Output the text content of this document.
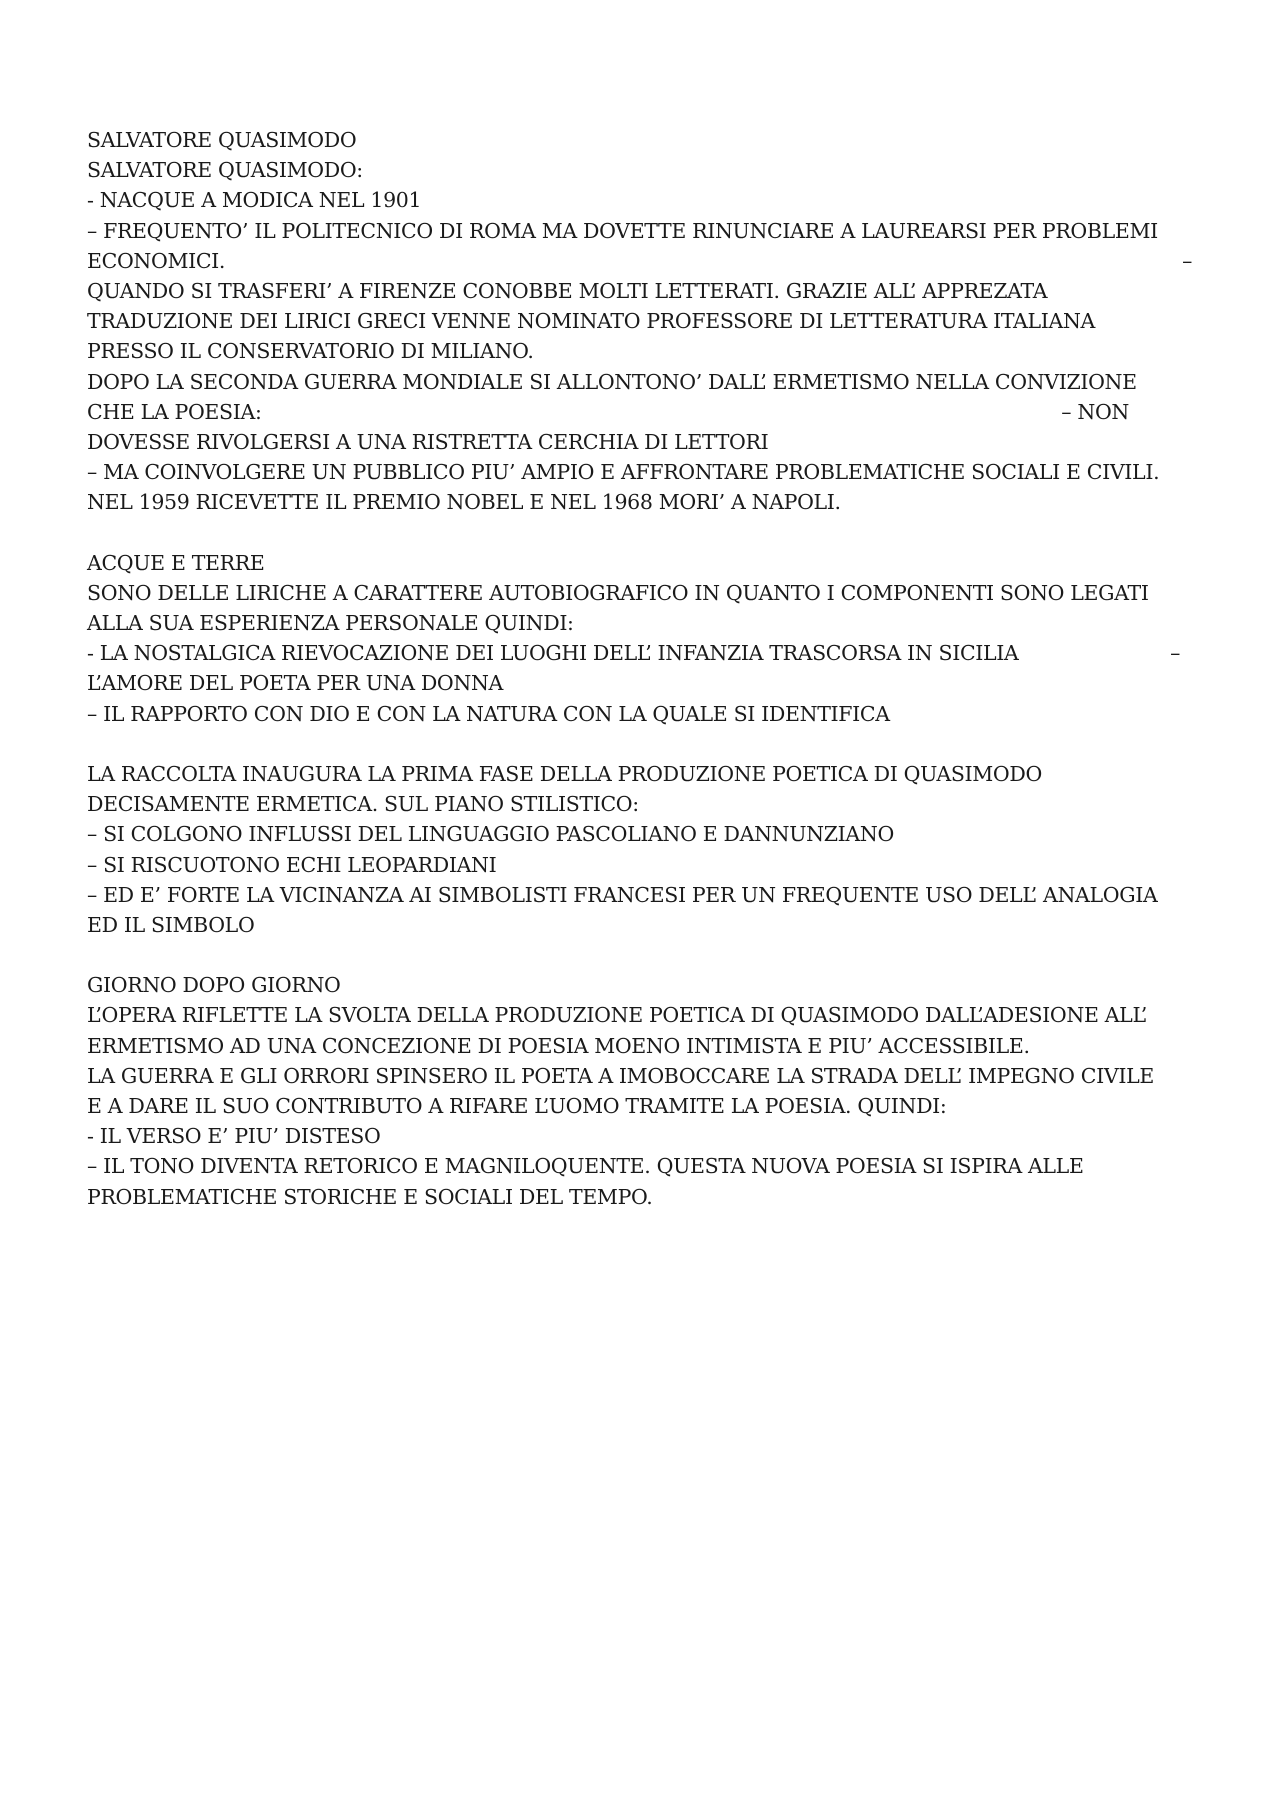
SALVATORE QUASIMODO
SALVATORE QUASIMODO:
- NACQUE A MODICA NEL 1901
– FREQUENTO’ IL POLITECNICO DI ROMA MA DOVETTE RINUNCIARE A LAUREARSI PER PROBLEMI
ECONOMICI.	–
QUANDO SI TRASFERI’ A FIRENZE CONOBBE MOLTI LETTERATI. GRAZIE ALL’ APPREZATA
TRADUZIONE DEI LIRICI GRECI VENNE NOMINATO PROFESSORE DI LETTERATURA ITALIANA
PRESSO IL CONSERVATORIO DI MILIANO.
DOPO LA SECONDA GUERRA MONDIALE SI ALLONTONO’ DALL’ ERMETISMO NELLA CONVIZIONE
CHE LA POESIA:	– NON
DOVESSE RIVOLGERSI A UNA RISTRETTA CERCHIA DI LETTORI
– MA COINVOLGERE UN PUBBLICO PIU’ AMPIO E AFFRONTARE PROBLEMATICHE SOCIALI E CIVILI.
NEL 1959 RICEVETTE IL PREMIO NOBEL E NEL 1968 MORI’ A NAPOLI.
ACQUE E TERRE
SONO DELLE LIRICHE A CARATTERE AUTOBIOGRAFICO IN QUANTO I COMPONENTI SONO LEGATI
ALLA SUA ESPERIENZA PERSONALE QUINDI:
- LA NOSTALGICA RIEVOCAZIONE DEI LUOGHI DELL’ INFANZIA TRASCORSA IN SICILIA	–
L’AMORE DEL POETA PER UNA DONNA
– IL RAPPORTO CON DIO E CON LA NATURA CON LA QUALE SI IDENTIFICA
LA RACCOLTA INAUGURA LA PRIMA FASE DELLA PRODUZIONE POETICA DI QUASIMODO
DECISAMENTE ERMETICA. SUL PIANO STILISTICO:
– SI COLGONO INFLUSSI DEL LINGUAGGIO PASCOLIANO E DANNUNZIANO
– SI RISCUOTONO ECHI LEOPARDIANI
– ED E’ FORTE LA VICINANZA AI SIMBOLISTI FRANCESI PER UN FREQUENTE USO DELL’ ANALOGIA
ED IL SIMBOLO
GIORNO DOPO GIORNO
L’OPERA RIFLETTE LA SVOLTA DELLA PRODUZIONE POETICA DI QUASIMODO DALL’ADESIONE ALL’
ERMETISMO AD UNA CONCEZIONE DI POESIA MOENO INTIMISTA E PIU’ ACCESSIBILE.
LA GUERRA E GLI ORRORI SPINSERO IL POETA A IMOBOCCARE LA STRADA DELL’ IMPEGNO CIVILE
E A DARE IL SUO CONTRIBUTO A RIFARE L’UOMO TRAMITE LA POESIA. QUINDI:
- IL VERSO E’ PIU’ DISTESO
– IL TONO DIVENTA RETORICO E MAGNILOQUENTE. QUESTA NUOVA POESIA SI ISPIRA ALLE
PROBLEMATICHE STORICHE E SOCIALI DEL TEMPO.
